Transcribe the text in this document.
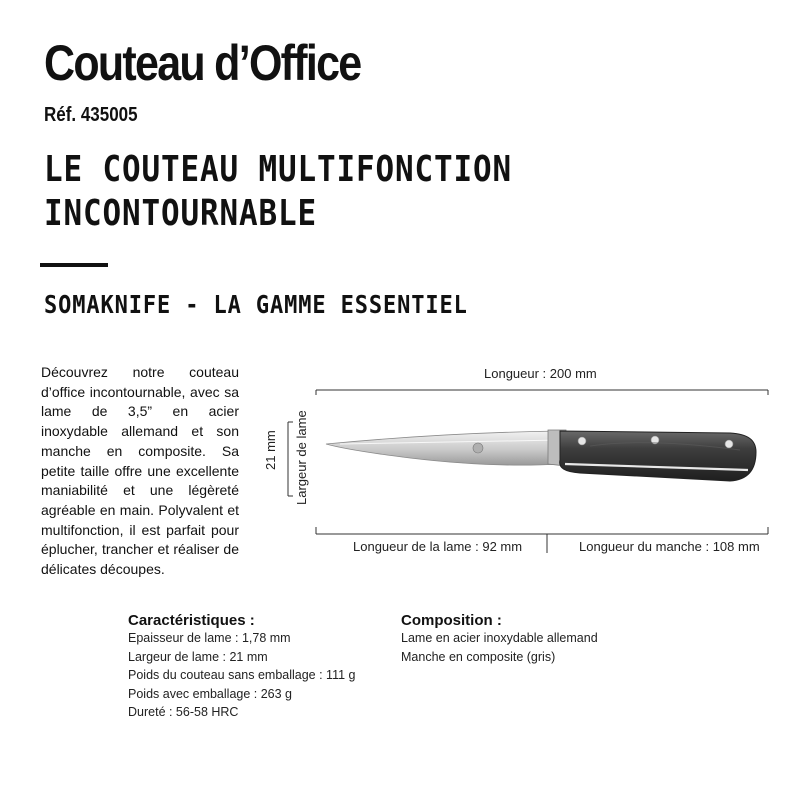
Couteau d’Office
Réf. 435005
LE COUTEAU MULTIFONCTION
INCONTOURNABLE
SOMAKNIFE - LA GAMME ESSENTIEL
Découvrez notre couteau d’office incontournable, avec sa lame de 3,5” en acier inoxydable allemand et son manche en composite. Sa petite taille offre une excellente maniabilité et une légèreté agréable en main. Polyvalent et multifonction, il est parfait pour éplucher, trancher et réaliser de délicates découpes.
Longueur : 200 mm
21 mm Largeur de lame
Longueur de la lame : 92 mm	Longueur du manche : 108 mm
Caractéristiques :
Epaisseur de lame : 1,78 mm
Largeur de lame : 21 mm
Poids du couteau sans emballage : 111 g
Poids avec emballage : 263 g
Dureté : 56-58 HRC
Composition :
Lame en acier inoxydable allemand
Manche en composite (gris)
